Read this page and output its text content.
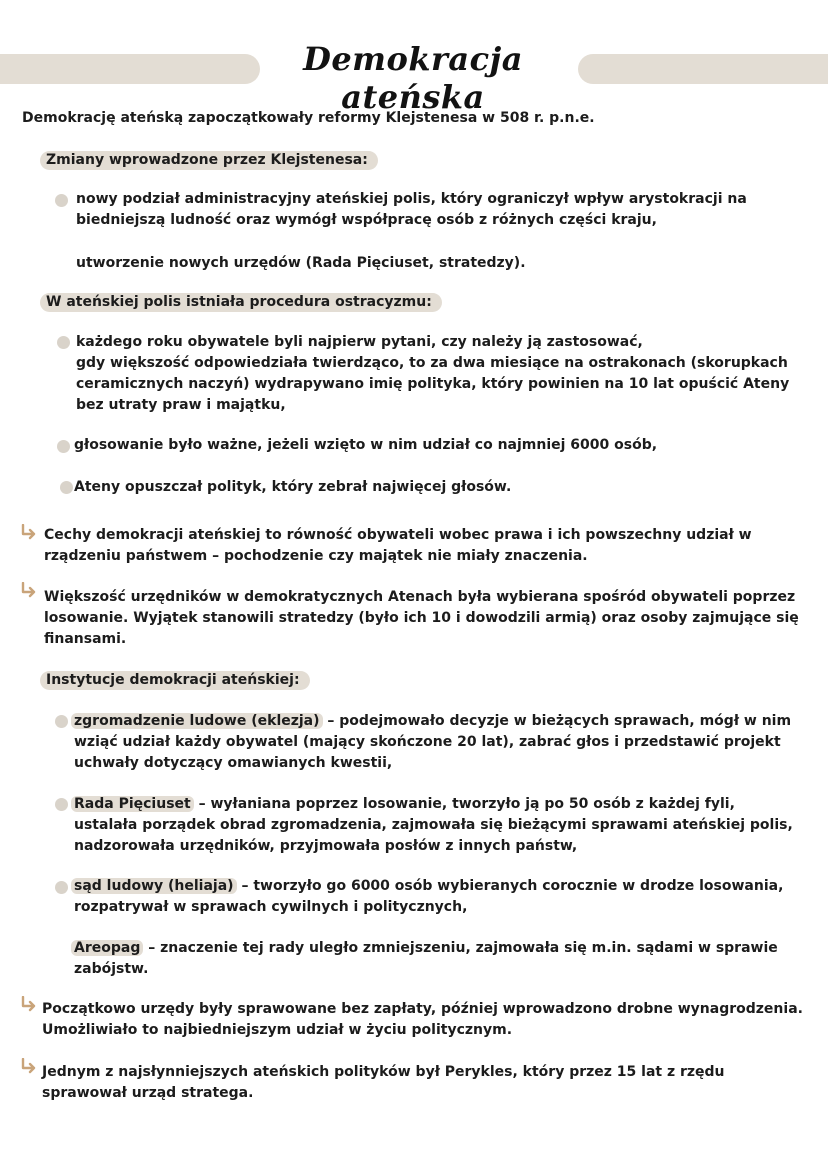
Demokracja ateńska
Demokrację ateńską zapoczątkowały reformy Klejstenesa w 508 r. p.n.e.
Zmiany wprowadzone przez Klejstenesa:
nowy podział administracyjny ateńskiej polis, który ograniczył wpływ arystokracji na
biedniejszą ludność oraz wymógł współpracę osób z różnych części kraju,
utworzenie nowych urzędów (Rada Pięciuset, stratedzy).
W ateńskiej polis istniała procedura ostracyzmu:
każdego roku obywatele byli najpierw pytani, czy należy ją zastosować,
gdy większość odpowiedziała twierdząco, to za dwa miesiące na ostrakonach (skorupkach
ceramicznych naczyń) wydrapywano imię polityka, który powinien na 10 lat opuścić Ateny
bez utraty praw i majątku,
głosowanie było ważne, jeżeli wzięto w nim udział co najmniej 6000 osób,
Ateny opuszczał polityk, który zebrał najwięcej głosów.
Cechy demokracji ateńskiej to równość obywateli wobec prawa i ich powszechny udział w
rządzeniu państwem – pochodzenie czy majątek nie miały znaczenia.
Większość urzędników w demokratycznych Atenach była wybierana spośród obywateli poprzez
losowanie. Wyjątek stanowili stratedzy (było ich 10 i dowodzili armią) oraz osoby zajmujące się
finansami.
Instytucje demokracji ateńskiej:
zgromadzenie ludowe (eklezja) – podejmowało decyzje w bieżących sprawach, mógł w nim
wziąć udział każdy obywatel (mający skończone 20 lat), zabrać głos i przedstawić projekt
uchwały dotyczący omawianych kwestii,
Rada Pięciuset – wyłaniana poprzez losowanie, tworzyło ją po 50 osób z każdej fyli,
ustalała porządek obrad zgromadzenia, zajmowała się bieżącymi sprawami ateńskiej polis,
nadzorowała urzędników, przyjmowała posłów z innych państw,
sąd ludowy (heliaja) – tworzyło go 6000 osób wybieranych corocznie w drodze losowania,
rozpatrywał w sprawach cywilnych i politycznych,
Areopag – znaczenie tej rady uległo zmniejszeniu, zajmowała się m.in. sądami w sprawie
zabójstw.
Początkowo urzędy były sprawowane bez zapłaty, później wprowadzono drobne wynagrodzenia.
Umożliwiało to najbiedniejszym udział w życiu politycznym.
Jednym z najsłynniejszych ateńskich polityków był Perykles, który przez 15 lat z rzędu
sprawował urząd stratega.
